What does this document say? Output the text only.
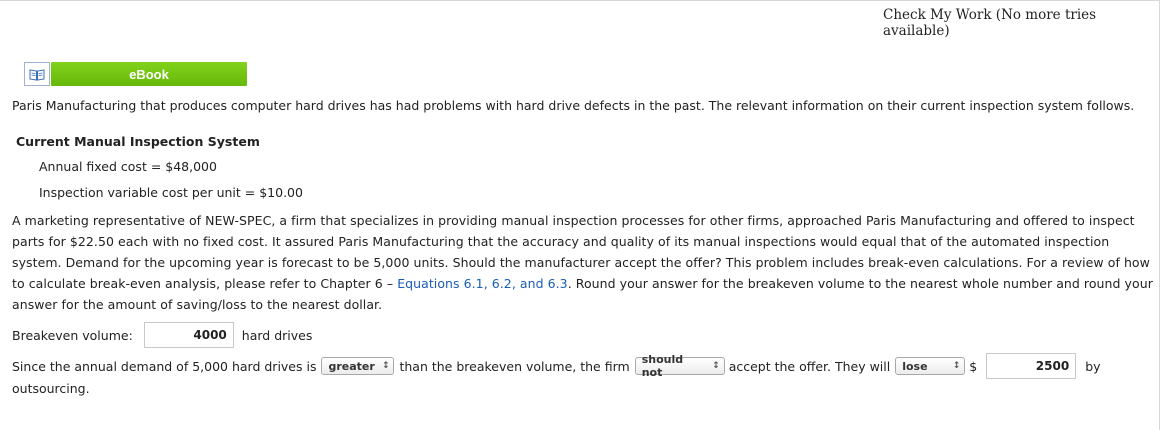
Check My Work (No more tries available)
eBook
Paris Manufacturing that produces computer hard drives has had problems with hard drive defects in the past. The relevant information on their current inspection system follows.
Current Manual Inspection System
Annual fixed cost = $48,000
Inspection variable cost per unit = $10.00
A marketing representative of NEW-SPEC, a firm that specializes in providing manual inspection processes for other firms, approached Paris Manufacturing and offered to inspect parts for $22.50 each with no fixed cost. It assured Paris Manufacturing that the accuracy and quality of its manual inspections would equal that of the automated inspection system. Demand for the upcoming year is forecast to be 5,000 units. Should the manufacturer accept the offer? This problem includes break-even calculations. For a review of how to calculate break-even analysis, please refer to Chapter 6 – Equations 6.1, 6.2, and 6.3. Round your answer for the breakeven volume to the nearest whole number and round your answer for the amount of saving/loss to the nearest dollar.
Breakeven volume:	4000	hard drives
Since the annual demand of 5,000 hard drives is greater ↕ than the breakeven volume, the firm should not
↕ accept the offer. They will lose	↕ $	2500	by
outsourcing.
